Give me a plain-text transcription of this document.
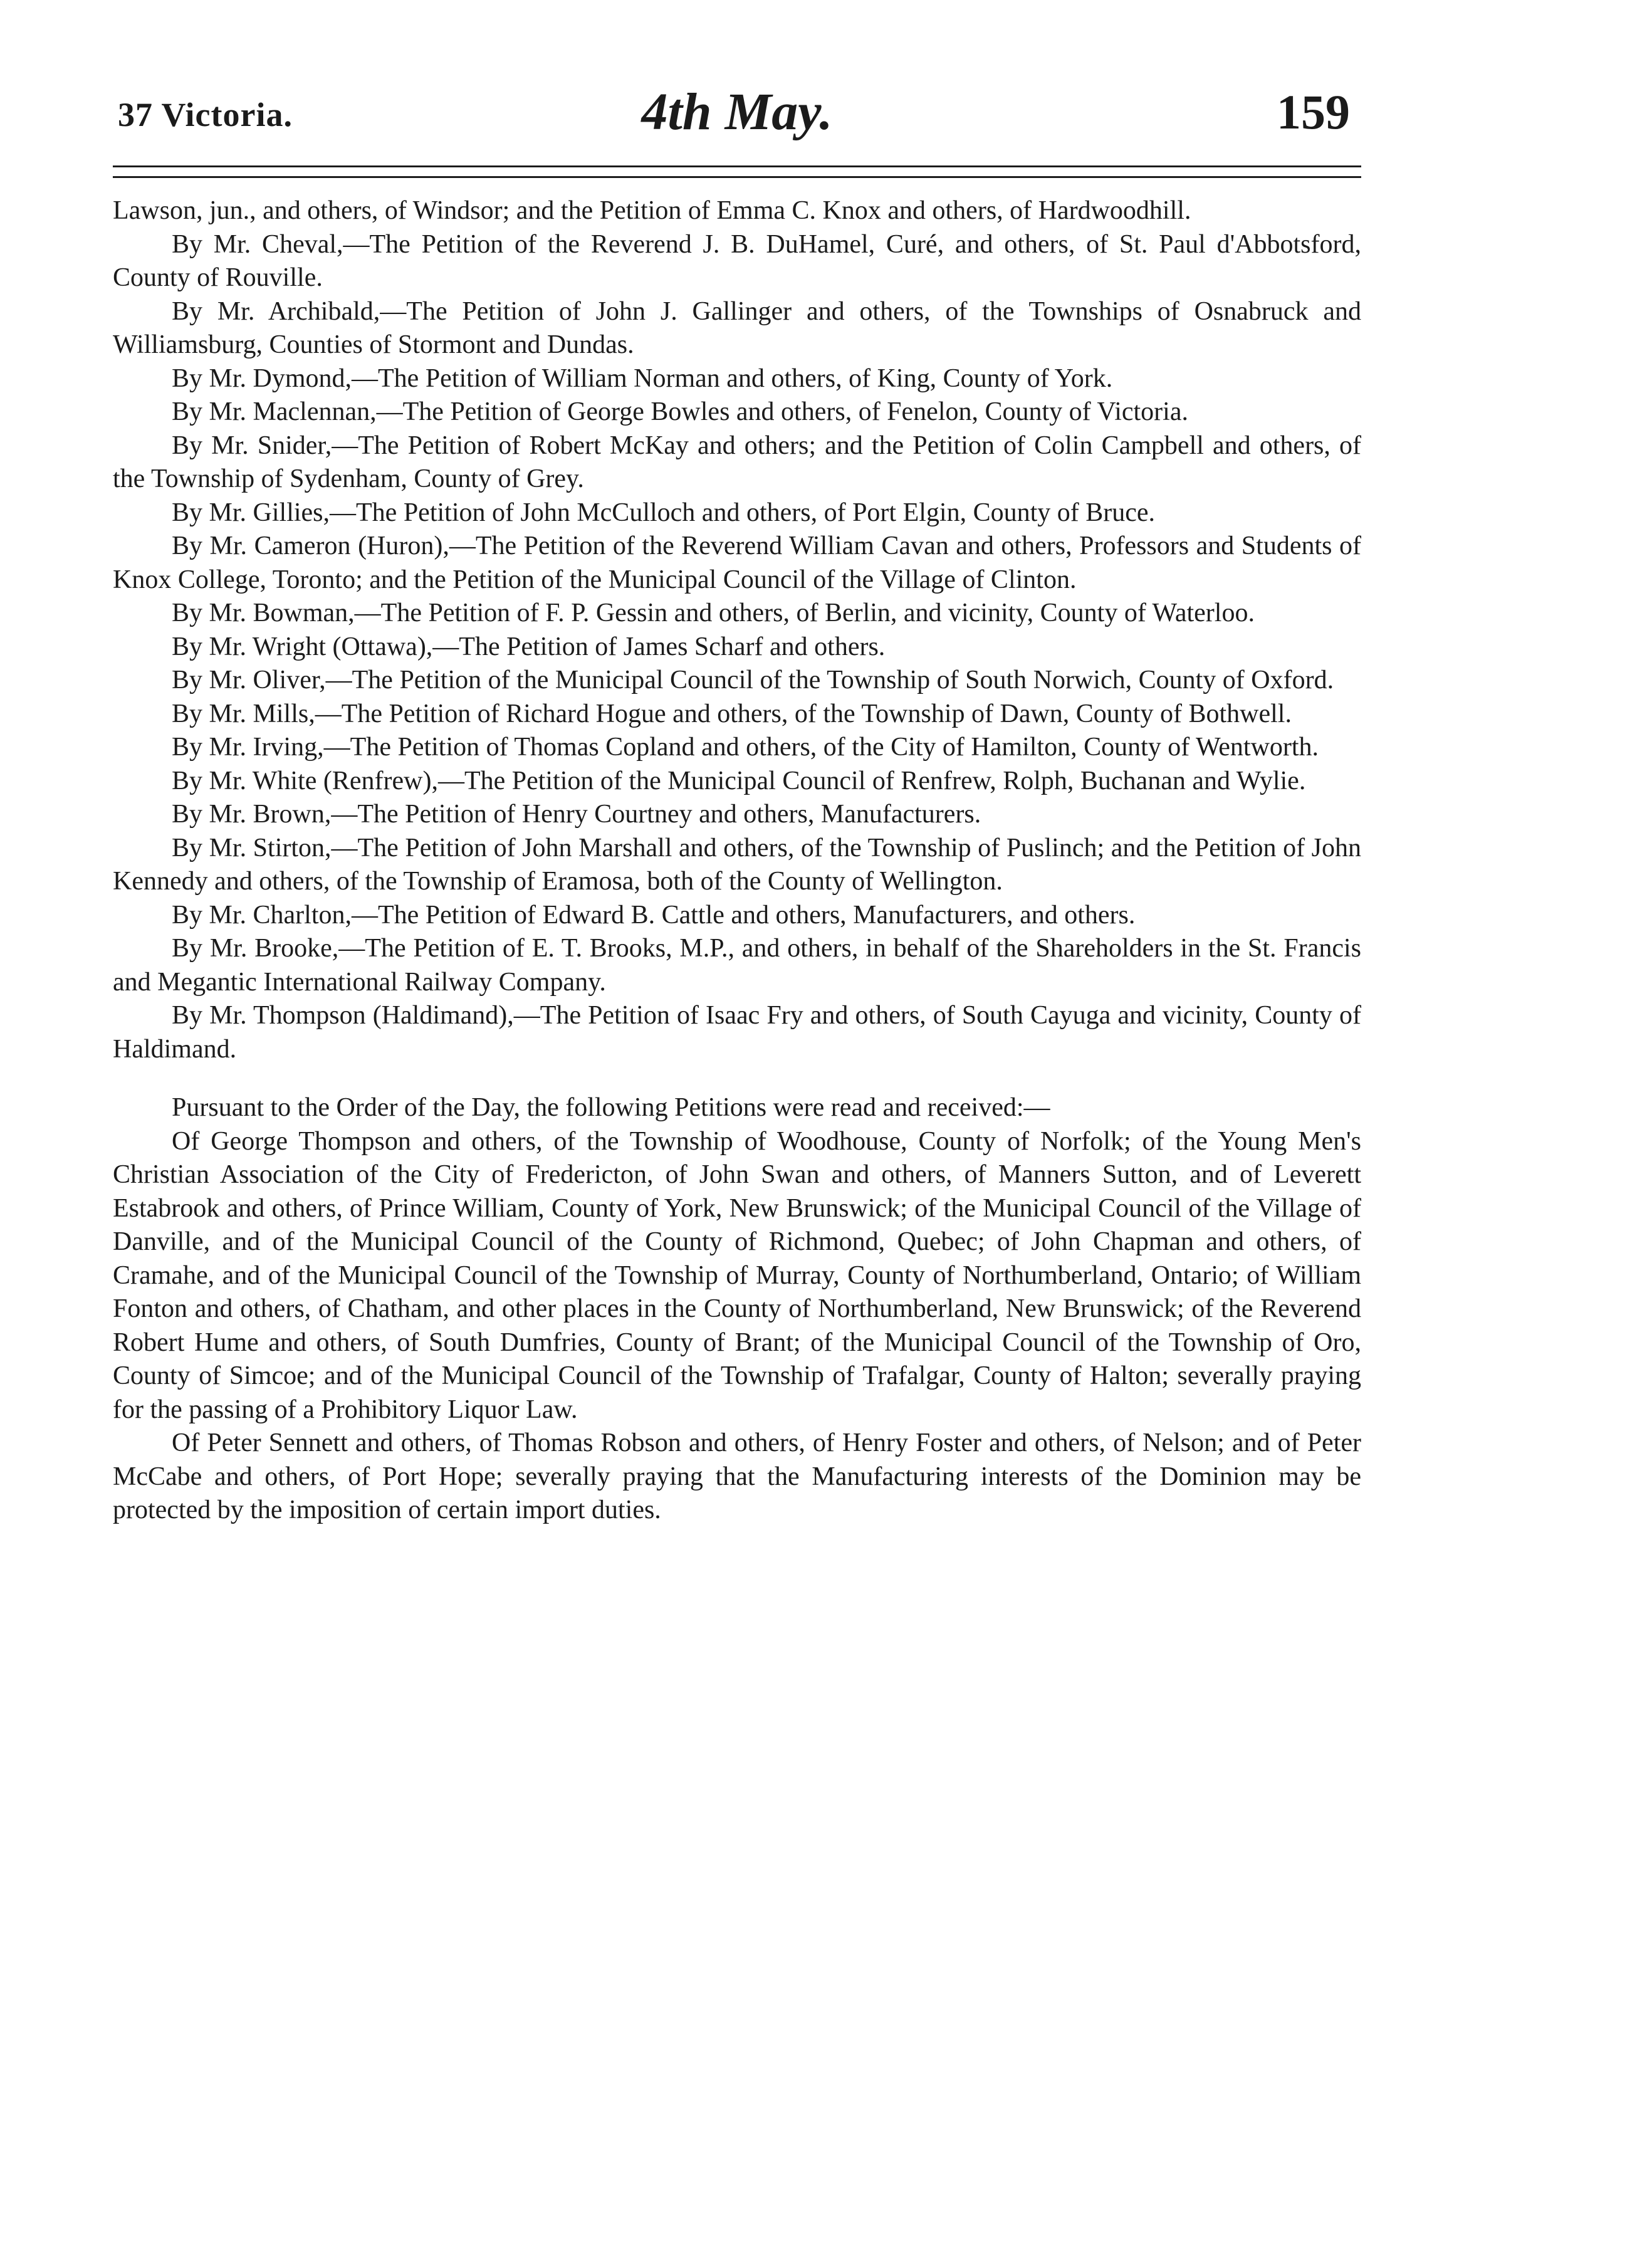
37 Victoria.	4th May.	159

Lawson, jun., and others, of Windsor; and the Petition of Emma C. Knox and others, of Hardwoodhill.

By Mr. Cheval,—The Petition of the Reverend J. B. DuHamel, Curé, and others, of St. Paul d'Abbotsford, County of Rouville.

By Mr. Archibald,—The Petition of John J. Gallinger and others, of the Townships of Osnabruck and Williamsburg, Counties of Stormont and Dundas.

By Mr. Dymond,—The Petition of William Norman and others, of King, County of York.

By Mr. Maclennan,—The Petition of George Bowles and others, of Fenelon, County of Victoria.

By Mr. Snider,—The Petition of Robert McKay and others; and the Petition of Colin Campbell and others, of the Township of Sydenham, County of Grey.

By Mr. Gillies,—The Petition of John McCulloch and others, of Port Elgin, County of Bruce.

By Mr. Cameron (Huron),—The Petition of the Reverend William Cavan and others, Professors and Students of Knox College, Toronto; and the Petition of the Municipal Council of the Village of Clinton.

By Mr. Bowman,—The Petition of F. P. Gessin and others, of Berlin, and vicinity, County of Waterloo.

By Mr. Wright (Ottawa),—The Petition of James Scharf and others.

By Mr. Oliver,—The Petition of the Municipal Council of the Township of South Norwich, County of Oxford.

By Mr. Mills,—The Petition of Richard Hogue and others, of the Township of Dawn, County of Bothwell.

By Mr. Irving,—The Petition of Thomas Copland and others, of the City of Hamilton, County of Wentworth.

By Mr. White (Renfrew),—The Petition of the Municipal Council of Renfrew, Rolph, Buchanan and Wylie.

By Mr. Brown,—The Petition of Henry Courtney and others, Manufacturers.

By Mr. Stirton,—The Petition of John Marshall and others, of the Township of Puslinch; and the Petition of John Kennedy and others, of the Township of Eramosa, both of the County of Wellington.

By Mr. Charlton,—The Petition of Edward B. Cattle and others, Manufacturers, and others.

By Mr. Brooke,—The Petition of E. T. Brooks, M.P., and others, in behalf of the Shareholders in the St. Francis and Megantic International Railway Company.

By Mr. Thompson (Haldimand),—The Petition of Isaac Fry and others, of South Cayuga and vicinity, County of Haldimand.

Pursuant to the Order of the Day, the following Petitions were read and received:—

Of George Thompson and others, of the Township of Woodhouse, County of Norfolk; of the Young Men's Christian Association of the City of Fredericton, of John Swan and others, of Manners Sutton, and of Leverett Estabrook and others, of Prince William, County of York, New Brunswick; of the Municipal Council of the Village of Danville, and of the Municipal Council of the County of Richmond, Quebec; of John Chapman and others, of Cramahe, and of the Municipal Council of the Township of Murray, County of Northumberland, Ontario; of William Fonton and others, of Chatham, and other places in the County of Northumberland, New Brunswick; of the Reverend Robert Hume and others, of South Dumfries, County of Brant; of the Municipal Council of the Township of Oro, County of Simcoe; and of the Municipal Council of the Township of Trafalgar, County of Halton; severally praying for the passing of a Prohibitory Liquor Law.

Of Peter Sennett and others, of Thomas Robson and others, of Henry Foster and others, of Nelson; and of Peter McCabe and others, of Port Hope; severally praying that the Manufacturing interests of the Dominion may be protected by the imposition of certain import duties.
